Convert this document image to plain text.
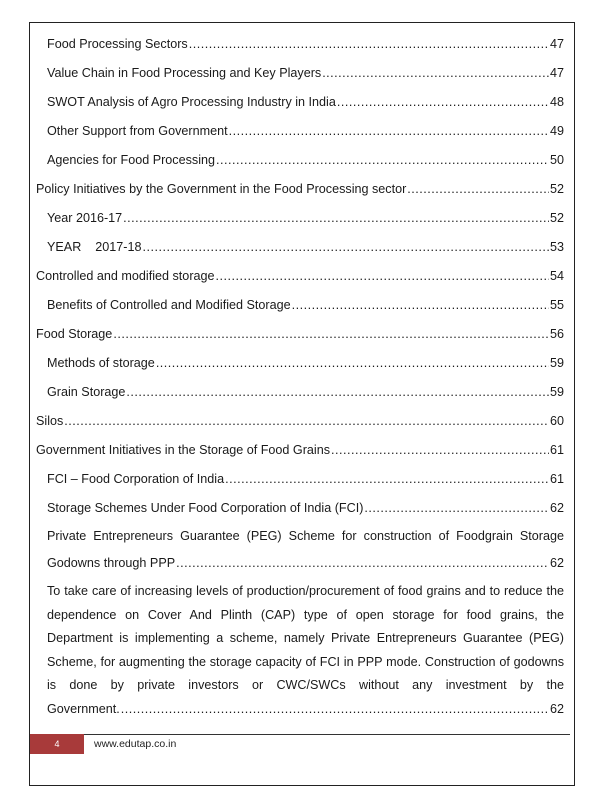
Food Processing Sectors .....	47
Value Chain in Food Processing and Key Players .....	47
SWOT Analysis of Agro Processing Industry in India .....	48
Other Support from Government .....	49
Agencies for Food Processing .....	50
Policy Initiatives by the Government in the Food Processing sector .....	52
Year 2016-17 .....	52
YEAR    2017-18 .....	53
Controlled and modified storage .....	54
Benefits of Controlled and Modified Storage .....	55
Food Storage .....	56
Methods of storage .....	59
Grain Storage .....	59
Silos .....	60
Government Initiatives in the Storage of Food Grains .....	61
FCI – Food Corporation of India .....	61
Storage Schemes Under Food Corporation of India (FCI) .....	62
Private Entrepreneurs Guarantee (PEG) Scheme for construction of Foodgrain Storage
Godowns through PPP .....	62
To take care of increasing levels of production/procurement of food grains and to reduce the dependence on Cover And Plinth (CAP) type of open storage for food grains, the Department is implementing a scheme, namely Private Entrepreneurs Guarantee (PEG) Scheme, for augmenting the storage capacity of FCI in PPP mode. Construction of godowns is done by private investors or CWC/SWCs without any investment by the
Government. .....	62
4	www.edutap.co.in
